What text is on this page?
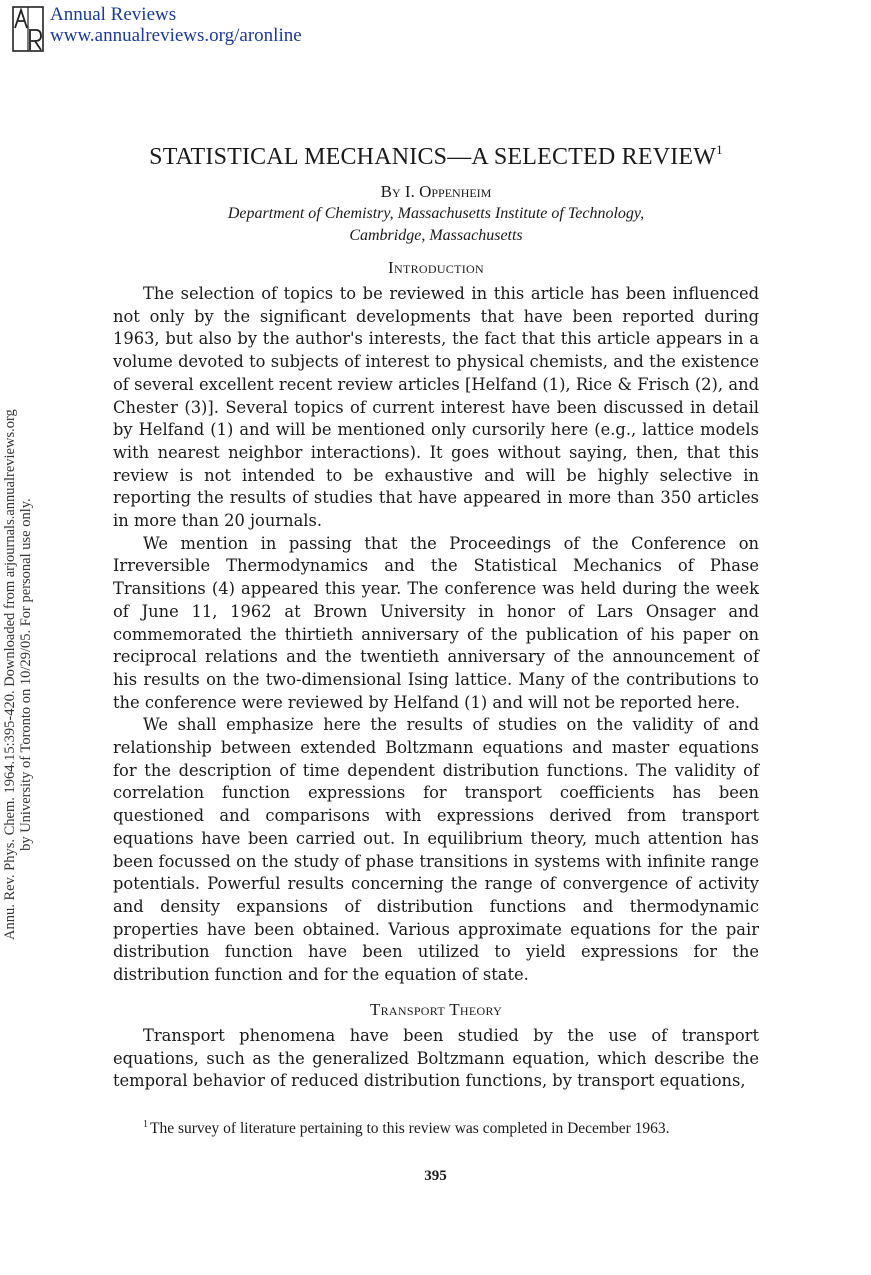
Annual Reviews
www.annualreviews.org/aronline
Annu. Rev. Phys. Chem. 1964.15:395-420. Downloaded from arjournals.annualreviews.org by University of Toronto on 10/29/05. For personal use only.
STATISTICAL MECHANICS—A SELECTED REVIEW$^1$
By I. Oppenheim
Department of Chemistry, Massachusetts Institute of Technology,
Cambridge, Massachusetts
Introduction

The selection of topics to be reviewed in this article has been influenced not only by the significant developments that have been reported during 1963, but also by the author's interests, the fact that this article appears in a volume devoted to subjects of interest to physical chemists, and the existence of several excellent recent review articles [Helfand (1), Rice & Frisch (2), and Chester (3)]. Several topics of current interest have been discussed in detail by Helfand (1) and will be mentioned only cursorily here (e.g., lattice models with nearest neighbor interactions). It goes without saying, then, that this review is not intended to be exhaustive and will be highly selective in reporting the results of studies that have appeared in more than 350 articles in more than 20 journals.

We mention in passing that the Proceedings of the Conference on Irreversible Thermodynamics and the Statistical Mechanics of Phase Transitions (4) appeared this year. The conference was held during the week of June 11, 1962 at Brown University in honor of Lars Onsager and commemorated the thirtieth anniversary of the publication of his paper on reciprocal relations and the twentieth anniversary of the announcement of his results on the two-dimensional Ising lattice. Many of the contributions to the conference were reviewed by Helfand (1) and will not be reported here.

We shall emphasize here the results of studies on the validity of and relationship between extended Boltzmann equations and master equations for the description of time dependent distribution functions. The validity of correlation function expressions for transport coefficients has been questioned and comparisons with expressions derived from transport equations have been carried out. In equilibrium theory, much attention has been focussed on the study of phase transitions in systems with infinite range potentials. Powerful results concerning the range of convergence of activity and density expansions of distribution functions and thermodynamic properties have been obtained. Various approximate equations for the pair distribution function have been utilized to yield expressions for the distribution function and for the equation of state.

Transport Theory

Transport phenomena have been studied by the use of transport equations, such as the generalized Boltzmann equation, which describe the temporal behavior of reduced distribution functions, by transport equations,

$^1$ The survey of literature pertaining to this review was completed in December 1963.
395
